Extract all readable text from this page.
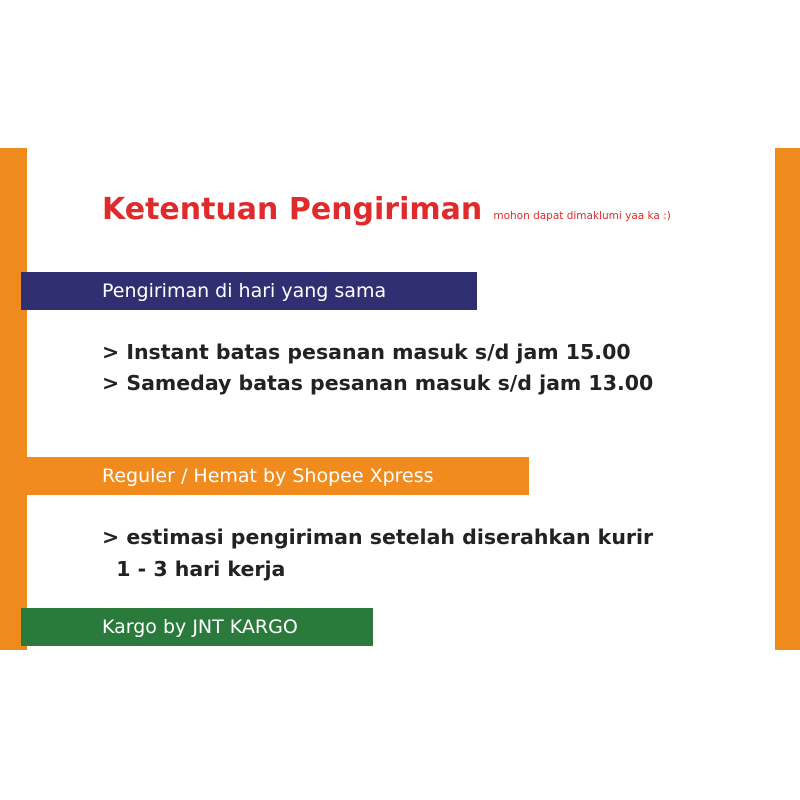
Ketentuan Pengiriman mohon dapat dimaklumi yaa ka :)
Pengiriman di hari yang sama
> Instant batas pesanan masuk s/d jam 15.00
> Sameday batas pesanan masuk s/d jam 13.00
Reguler / Hemat by Shopee Xpress
> estimasi pengiriman setelah diserahkan kurir
1 - 3 hari kerja
Kargo by JNT KARGO
